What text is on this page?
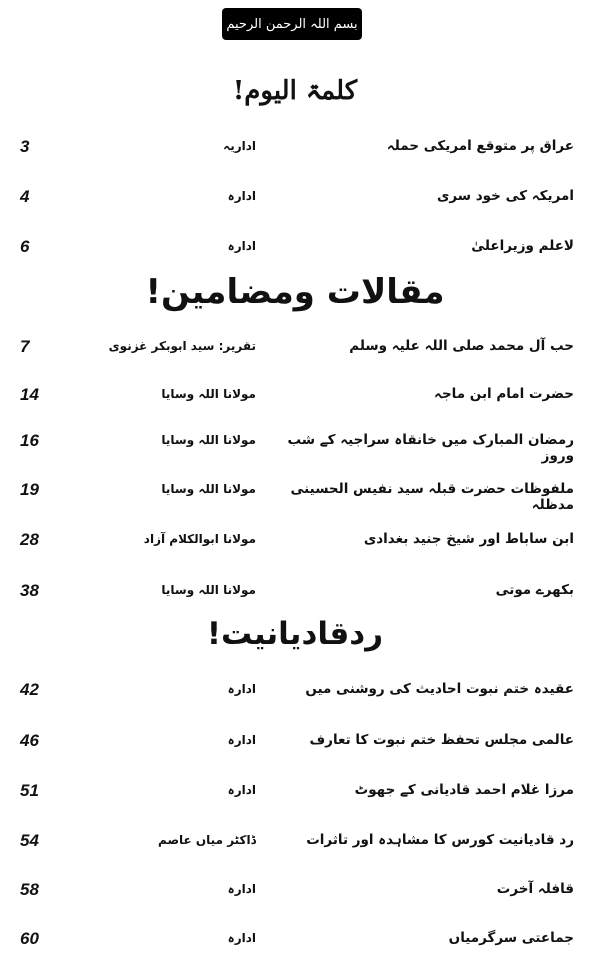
بسم اللہ الرحمن الرحیم
کلمۃ الیوم!
3	اداریہ	عراق پر متوقع امریکی حملہ
4	ادارہ	امریکہ کی خود سری
6	ادارہ	لاعلم وزیراعلیٰ
مقالات ومضامین!
7	تقریر: سید ابوبکر غزنوی	حب آل محمد صلی اللہ علیہ وسلم
14	مولانا اللہ وسایا	حضرت امام ابن ماجہ
16	مولانا اللہ وسایا	رمضان المبارک میں خانقاہ سراجیہ کے شب وروز
19	مولانا اللہ وسایا	ملفوظات حضرت قبلہ سید نفیس الحسینی مدظلہ
28	مولانا ابوالکلام آزاد	ابن ساباط اور شیخ جنید بغدادی
38	مولانا اللہ وسایا	بکھرے موتی
ردقادیانیت!
42	ادارہ	عقیدہ ختم نبوت احادیث کی روشنی میں
46	ادارہ	عالمی مجلس تحفظ ختم نبوت کا تعارف
51	ادارہ	مرزا غلام احمد قادیانی کے جھوٹ
54	ڈاکٹر میاں عاصم	رد قادیانیت کورس کا مشاہدہ اور تاثرات
58	ادارہ	قافلہ آخرت
60	ادارہ	جماعتی سرگرمیاں
